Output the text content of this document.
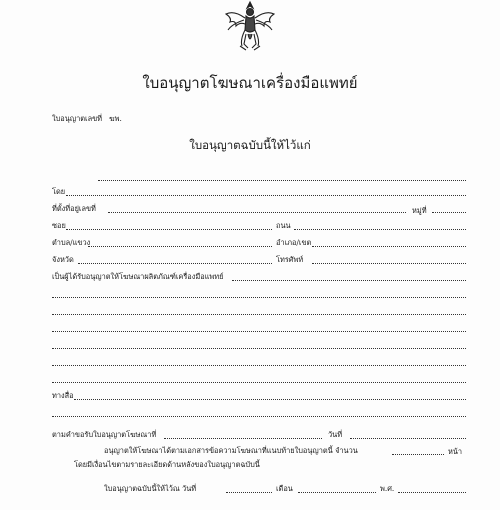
ใบอนุญาตโฆษณาเครื่องมือแพทย์
ใบอนุญาตเลขที่ ฆพ.
ใบอนุญาตฉบับนี้ให้ไว้แก่
โดย
ที่ตั้งที่อยู่เลขที่	หมู่ที่
ซอย	ถนน
ตำบล/แขวง	อำเภอ/เขต
จังหวัด	โทรศัพท์
เป็นผู้ได้รับอนุญาตให้โฆษณาผลิตภัณฑ์เครื่องมือแพทย์
ทางสื่อ
ตามคำขอรับใบอนุญาตโฆษณาที่	วันที่
อนุญาตให้โฆษณาได้ตามเอกสารข้อความโฆษณาที่แนบท้ายใบอนุญาตนี้ จำนวน	หน้า
โดยมีเงื่อนไขตามรายละเอียดด้านหลังของใบอนุญาตฉบับนี้
ใบอนุญาตฉบับนี้ให้ไว้ณ วันที่	เดือน	พ.ศ.
